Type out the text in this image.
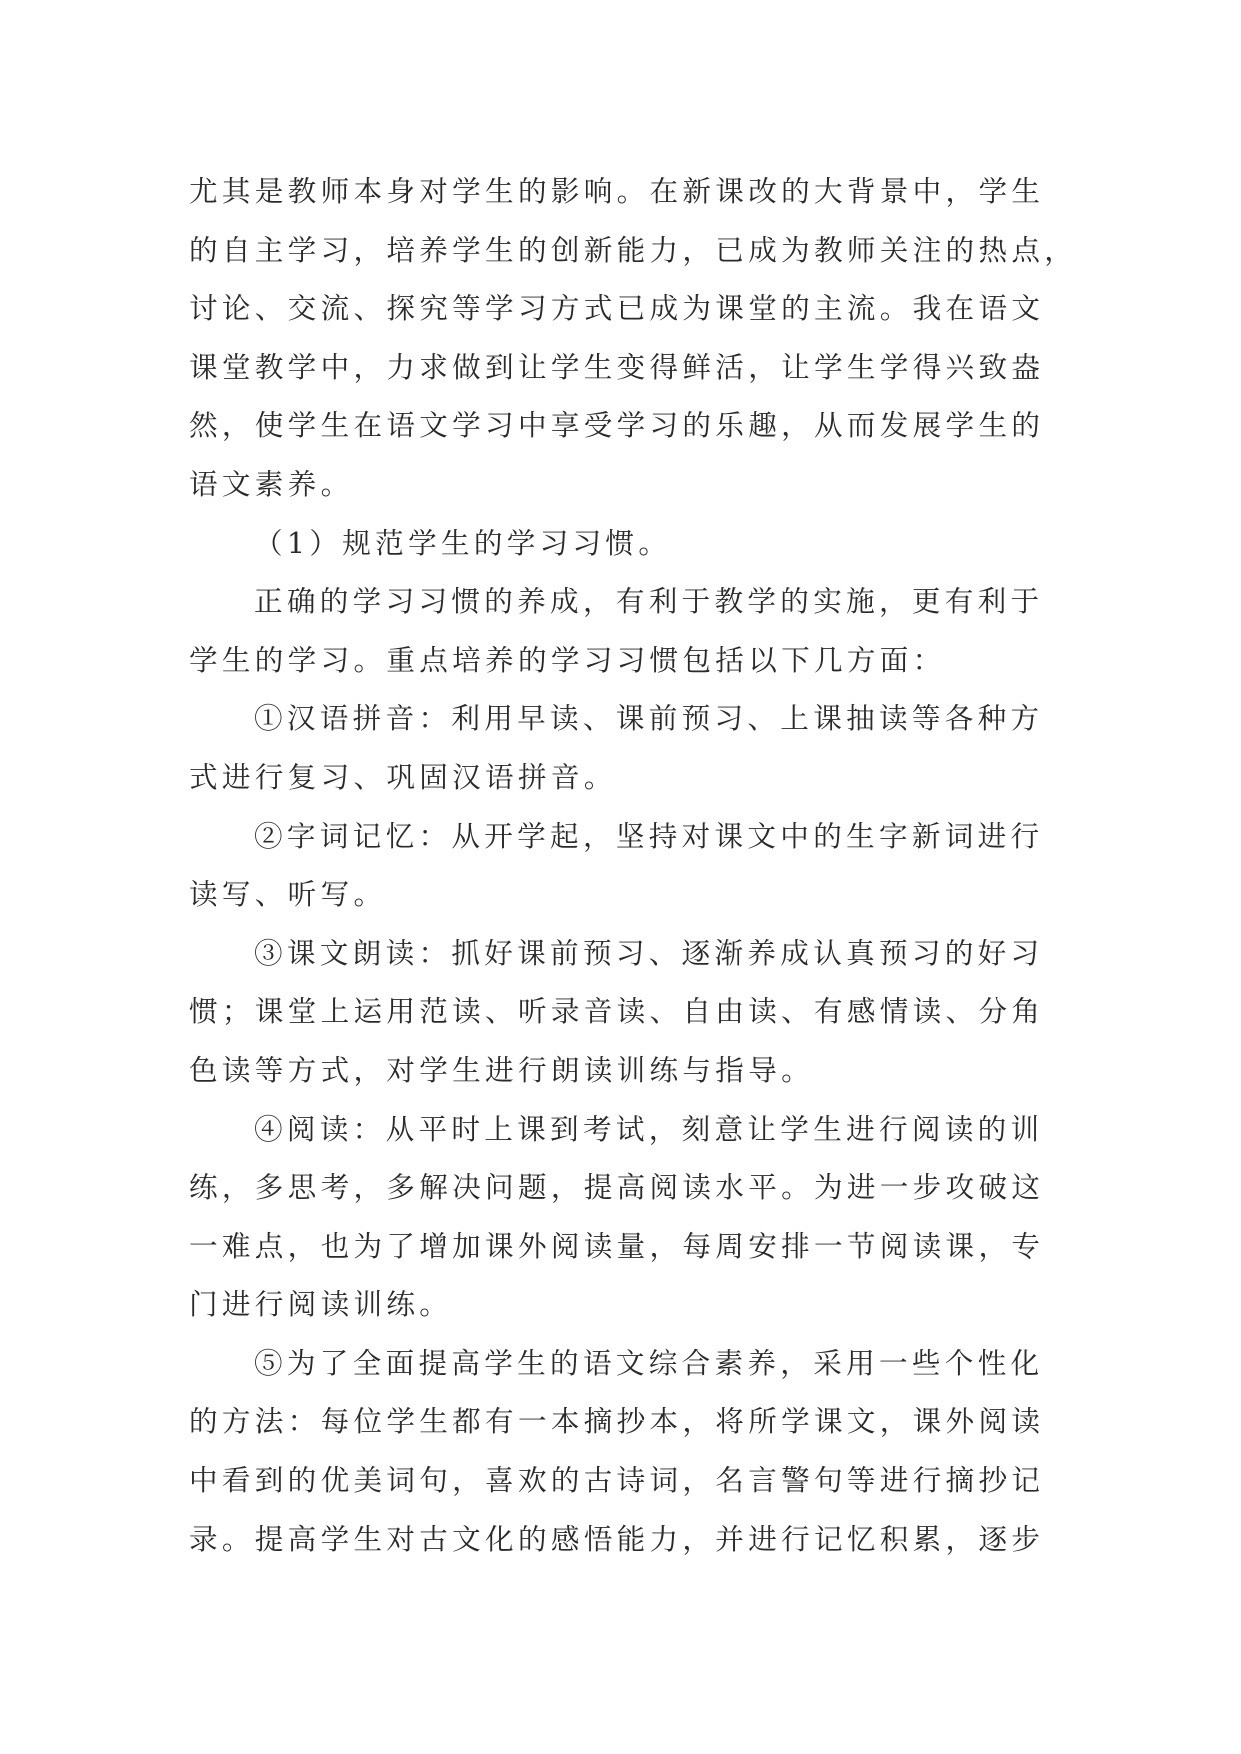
尤其是教师本身对学生的影响。在新课改的大背景中，学生
的自主学习，培养学生的创新能力，已成为教师关注的热点，
讨论、交流、探究等学习方式已成为课堂的主流。我在语文
课堂教学中，力求做到让学生变得鲜活，让学生学得兴致盎
然，使学生在语文学习中享受学习的乐趣，从而发展学生的
语文素养。
（1）规范学生的学习习惯。
正确的学习习惯的养成，有利于教学的实施，更有利于
学生的学习。重点培养的学习习惯包括以下几方面：
①汉语拼音：利用早读、课前预习、上课抽读等各种方
式进行复习、巩固汉语拼音。
②字词记忆：从开学起，坚持对课文中的生字新词进行
读写、听写。
③课文朗读：抓好课前预习、逐渐养成认真预习的好习
惯；课堂上运用范读、听录音读、自由读、有感情读、分角
色读等方式，对学生进行朗读训练与指导。
④阅读：从平时上课到考试，刻意让学生进行阅读的训
练，多思考，多解决问题，提高阅读水平。为进一步攻破这
一难点，也为了增加课外阅读量，每周安排一节阅读课，专
门进行阅读训练。
⑤为了全面提高学生的语文综合素养，采用一些个性化
的方法：每位学生都有一本摘抄本，将所学课文，课外阅读
中看到的优美词句，喜欢的古诗词，名言警句等进行摘抄记
录。提高学生对古文化的感悟能力，并进行记忆积累，逐步
